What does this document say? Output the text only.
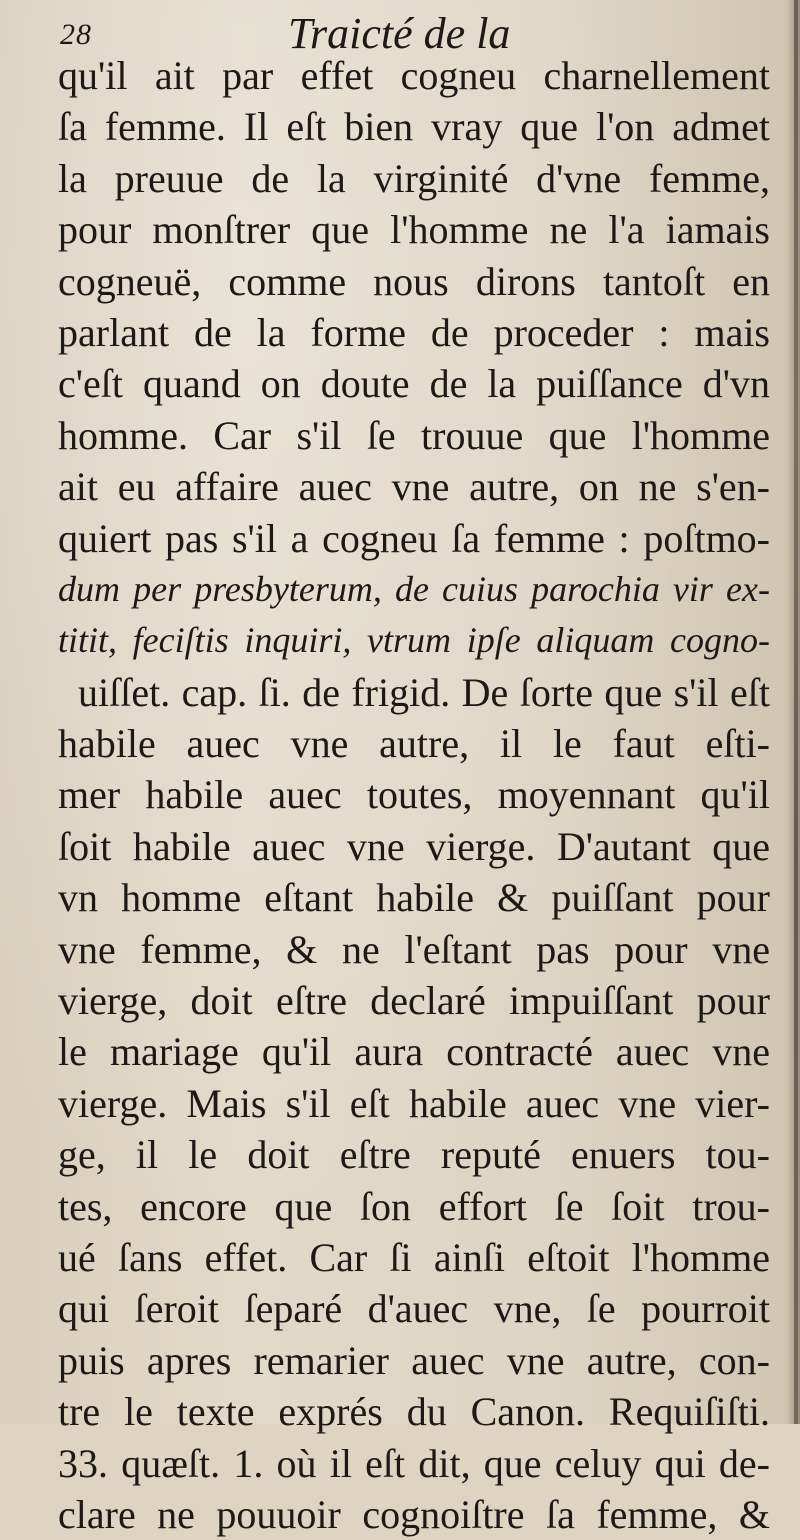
28	Traicté de la
qu'il ait par effet cogneu charnellement
ſa femme. Il eſt bien vray que l'on admet
la preuue de la virginité d'vne femme,
pour monſtrer que l'homme ne l'a iamais
cogneuë, comme nous dirons tantoſt en
parlant de la forme de proceder : mais
c'eſt quand on doute de la puiſſance d'vn
homme. Car s'il ſe trouue que l'homme
ait eu affaire auec vne autre, on ne s'en-
quiert pas s'il a cogneu ſa femme : poſtmo-
dum per presbyterum, de cuius parochia vir ex-
titit, feciſtis inquiri, vtrum ipſe aliquam cogno-
uiſſet. cap. ſi. de frigid. De ſorte que s'il eſt
habile auec vne autre, il le faut eſti-
mer habile auec toutes, moyennant qu'il
ſoit habile auec vne vierge. D'autant que
vn homme eſtant habile & puiſſant pour
vne femme, & ne l'eſtant pas pour vne
vierge, doit eſtre declaré impuiſſant pour
le mariage qu'il aura contracté auec vne
vierge. Mais s'il eſt habile auec vne vier-
ge, il le doit eſtre reputé enuers tou-
tes, encore que ſon effort ſe ſoit trou-
ué ſans effet. Car ſi ainſi eſtoit l'homme
qui ſeroit ſeparé d'auec vne, ſe pourroit
puis apres remarier auec vne autre, con-
tre le texte exprés du Canon. Requiſiſti.
33. quæſt. 1. où il eſt dit, que celuy qui de-
clare ne pouuoir cognoiſtre ſa femme, &
